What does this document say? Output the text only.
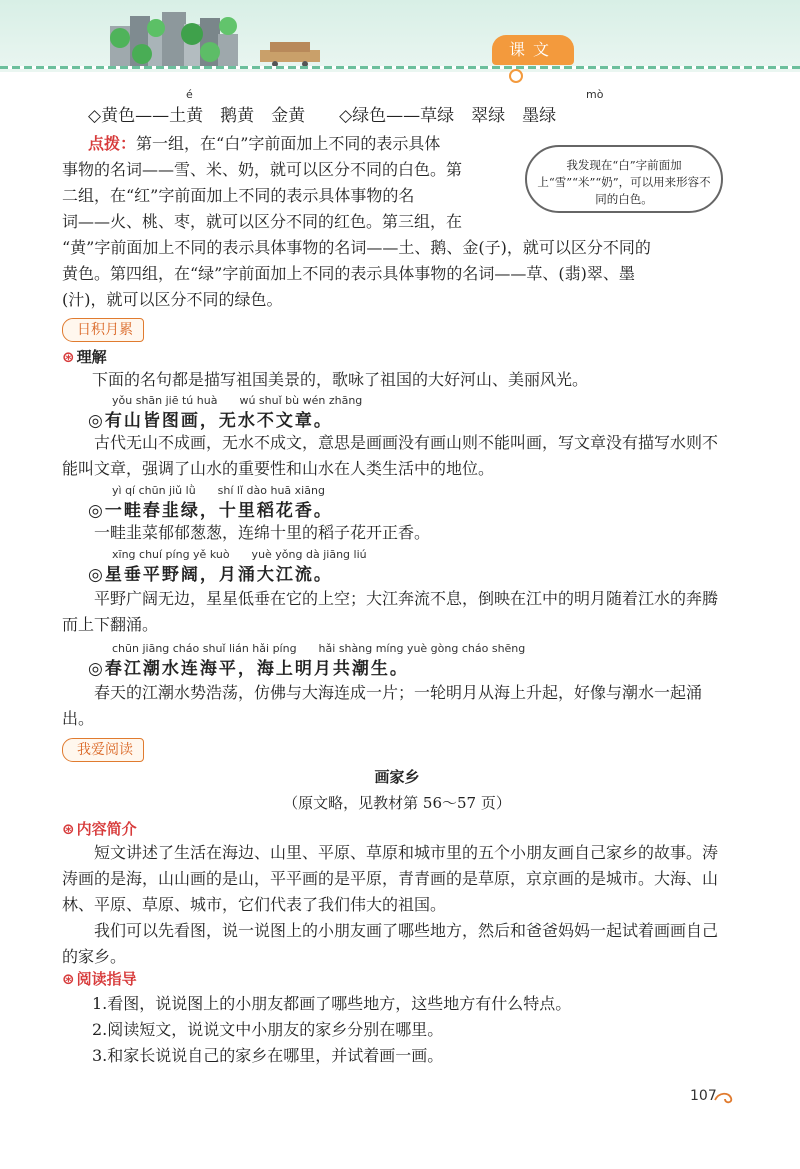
课文
é	mò
◇黄色——土黄　鹅黄　金黄　　◇绿色——草绿　翠绿　墨绿
点拨：第一组，在“白”字前面加上不同的表示具体
事物的名词——雪、米、奶，就可以区分不同的白色。第
二组，在“红”字前面加上不同的表示具体事物的名
词——火、桃、枣，就可以区分不同的红色。第三组，在
“黄”字前面加上不同的表示具体事物的名词——土、鹅、金(子)，就可以区分不同的
黄色。第四组，在“绿”字前面加上不同的表示具体事物的名词——草、(翡)翠、墨
(汁)，就可以区分不同的绿色。
我发现在“白”字前面加上“雪”“米”“奶”，可以用来形容不同的白色。
日积月累
⊛ 理解
下面的名句都是描写祖国美景的，歌咏了祖国的大好河山、美丽风光。
yǒu shān jiē tú huà　　wú shuǐ bù wén zhāng
◎有山皆图画，无水不文章。
古代无山不成画，无水不成文，意思是画画没有画山则不能叫画，写文章没有描写水则不能叫文章，强调了山水的重要性和山水在人类生活中的地位。
yì qí chūn jiǔ lǜ　　shí lǐ dào huā xiāng
◎一畦春韭绿，十里稻花香。
一畦韭菜郁郁葱葱，连绵十里的稻子花开正香。
xīng chuí píng yě kuò　　yuè yǒng dà jiāng liú
◎星垂平野阔，月涌大江流。
平野广阔无边，星星低垂在它的上空；大江奔流不息，倒映在江中的明月随着江水的奔腾而上下翻涌。
chūn jiāng cháo shuǐ lián hǎi píng　　hǎi shàng míng yuè gòng cháo shēng
◎春江潮水连海平，海上明月共潮生。
春天的江潮水势浩荡，仿佛与大海连成一片；一轮明月从海上升起，好像与潮水一起涌出。
我爱阅读
画家乡
（原文略，见教材第 56～57 页）
⊛ 内容简介
短文讲述了生活在海边、山里、平原、草原和城市里的五个小朋友画自己家乡的故事。涛涛画的是海，山山画的是山，平平画的是平原，青青画的是草原，京京画的是城市。大海、山林、平原、草原、城市，它们代表了我们伟大的祖国。
我们可以先看图，说一说图上的小朋友画了哪些地方，然后和爸爸妈妈一起试着画画自己的家乡。
⊛ 阅读指导
1.看图，说说图上的小朋友都画了哪些地方，这些地方有什么特点。
2.阅读短文，说说文中小朋友的家乡分别在哪里。
3.和家长说说自己的家乡在哪里，并试着画一画。
107
